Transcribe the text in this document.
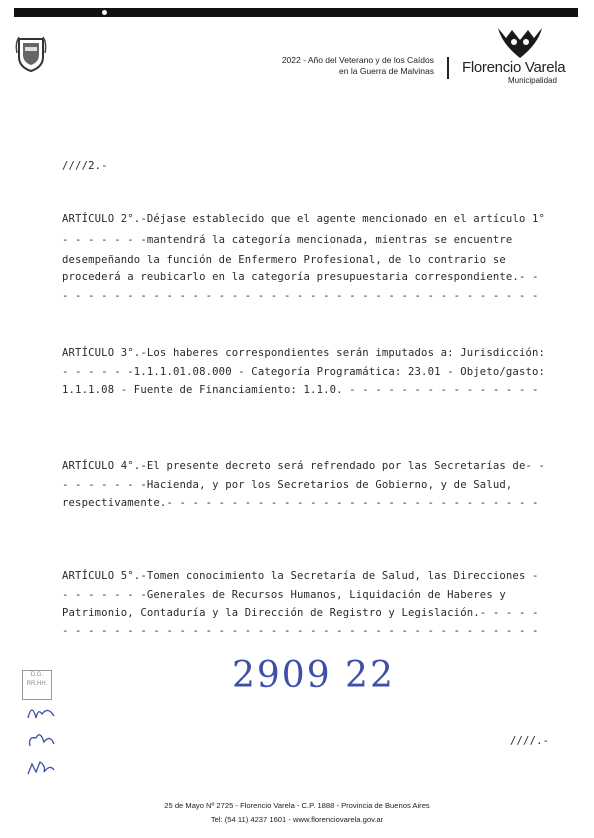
2022 - Año del Veterano y de los Caídos
en la Guerra de Malvinas Florencio Varela
Municipalidad
////2.-
ARTÍCULO 2°.-Déjase establecido que el agente mencionado en el artículo 1°
- - - - - - -mantendrá la categoría mencionada, mientras se encuentre
desempeñando la función de Enfermero Profesional, de lo contrario se
procederá a reubicarlo en la categoría presupuestaria correspondiente.- -
- - - - - - - - - - - - - - - - - - - - - - - - - - - - - - - - - - - - -
ARTÍCULO 3°.-Los haberes correspondientes serán imputados a: Jurisdicción:
- - - - - -1.1.1.01.08.000 - Categoría Programática: 23.01 - Objeto/gasto:
1.1.1.08 - Fuente de Financiamiento: 1.1.0. - - - - - - - - - - - - - - -
ARTÍCULO 4°.-El presente decreto será refrendado por las Secretarías de- -
- - - - - - -Hacienda, y por los Secretarios de Gobierno, y de Salud,
respectivamente.- - - - - - - - - - - - - - - - - - - - - - - - - - - - -
ARTÍCULO 5°.-Tomen conocimiento la Secretaría de Salud, las Direcciones -
- - - - - - -Generales de Recursos Humanos, Liquidación de Haberes y
Patrimonio, Contaduría y la Dirección de Registro y Legislación.- - - - -
- - - - - - - - - - - - - - - - - - - - - - - - - - - - - - - - - - - - -
2909 22
D.G.
RR.HH.
////.-
25 de Mayo Nº 2725 - Florencio Varela - C.P. 1888 - Provincia de Buenos Aires
Tel: (54 11) 4237 1601 - www.florenciovarela.gov.ar
